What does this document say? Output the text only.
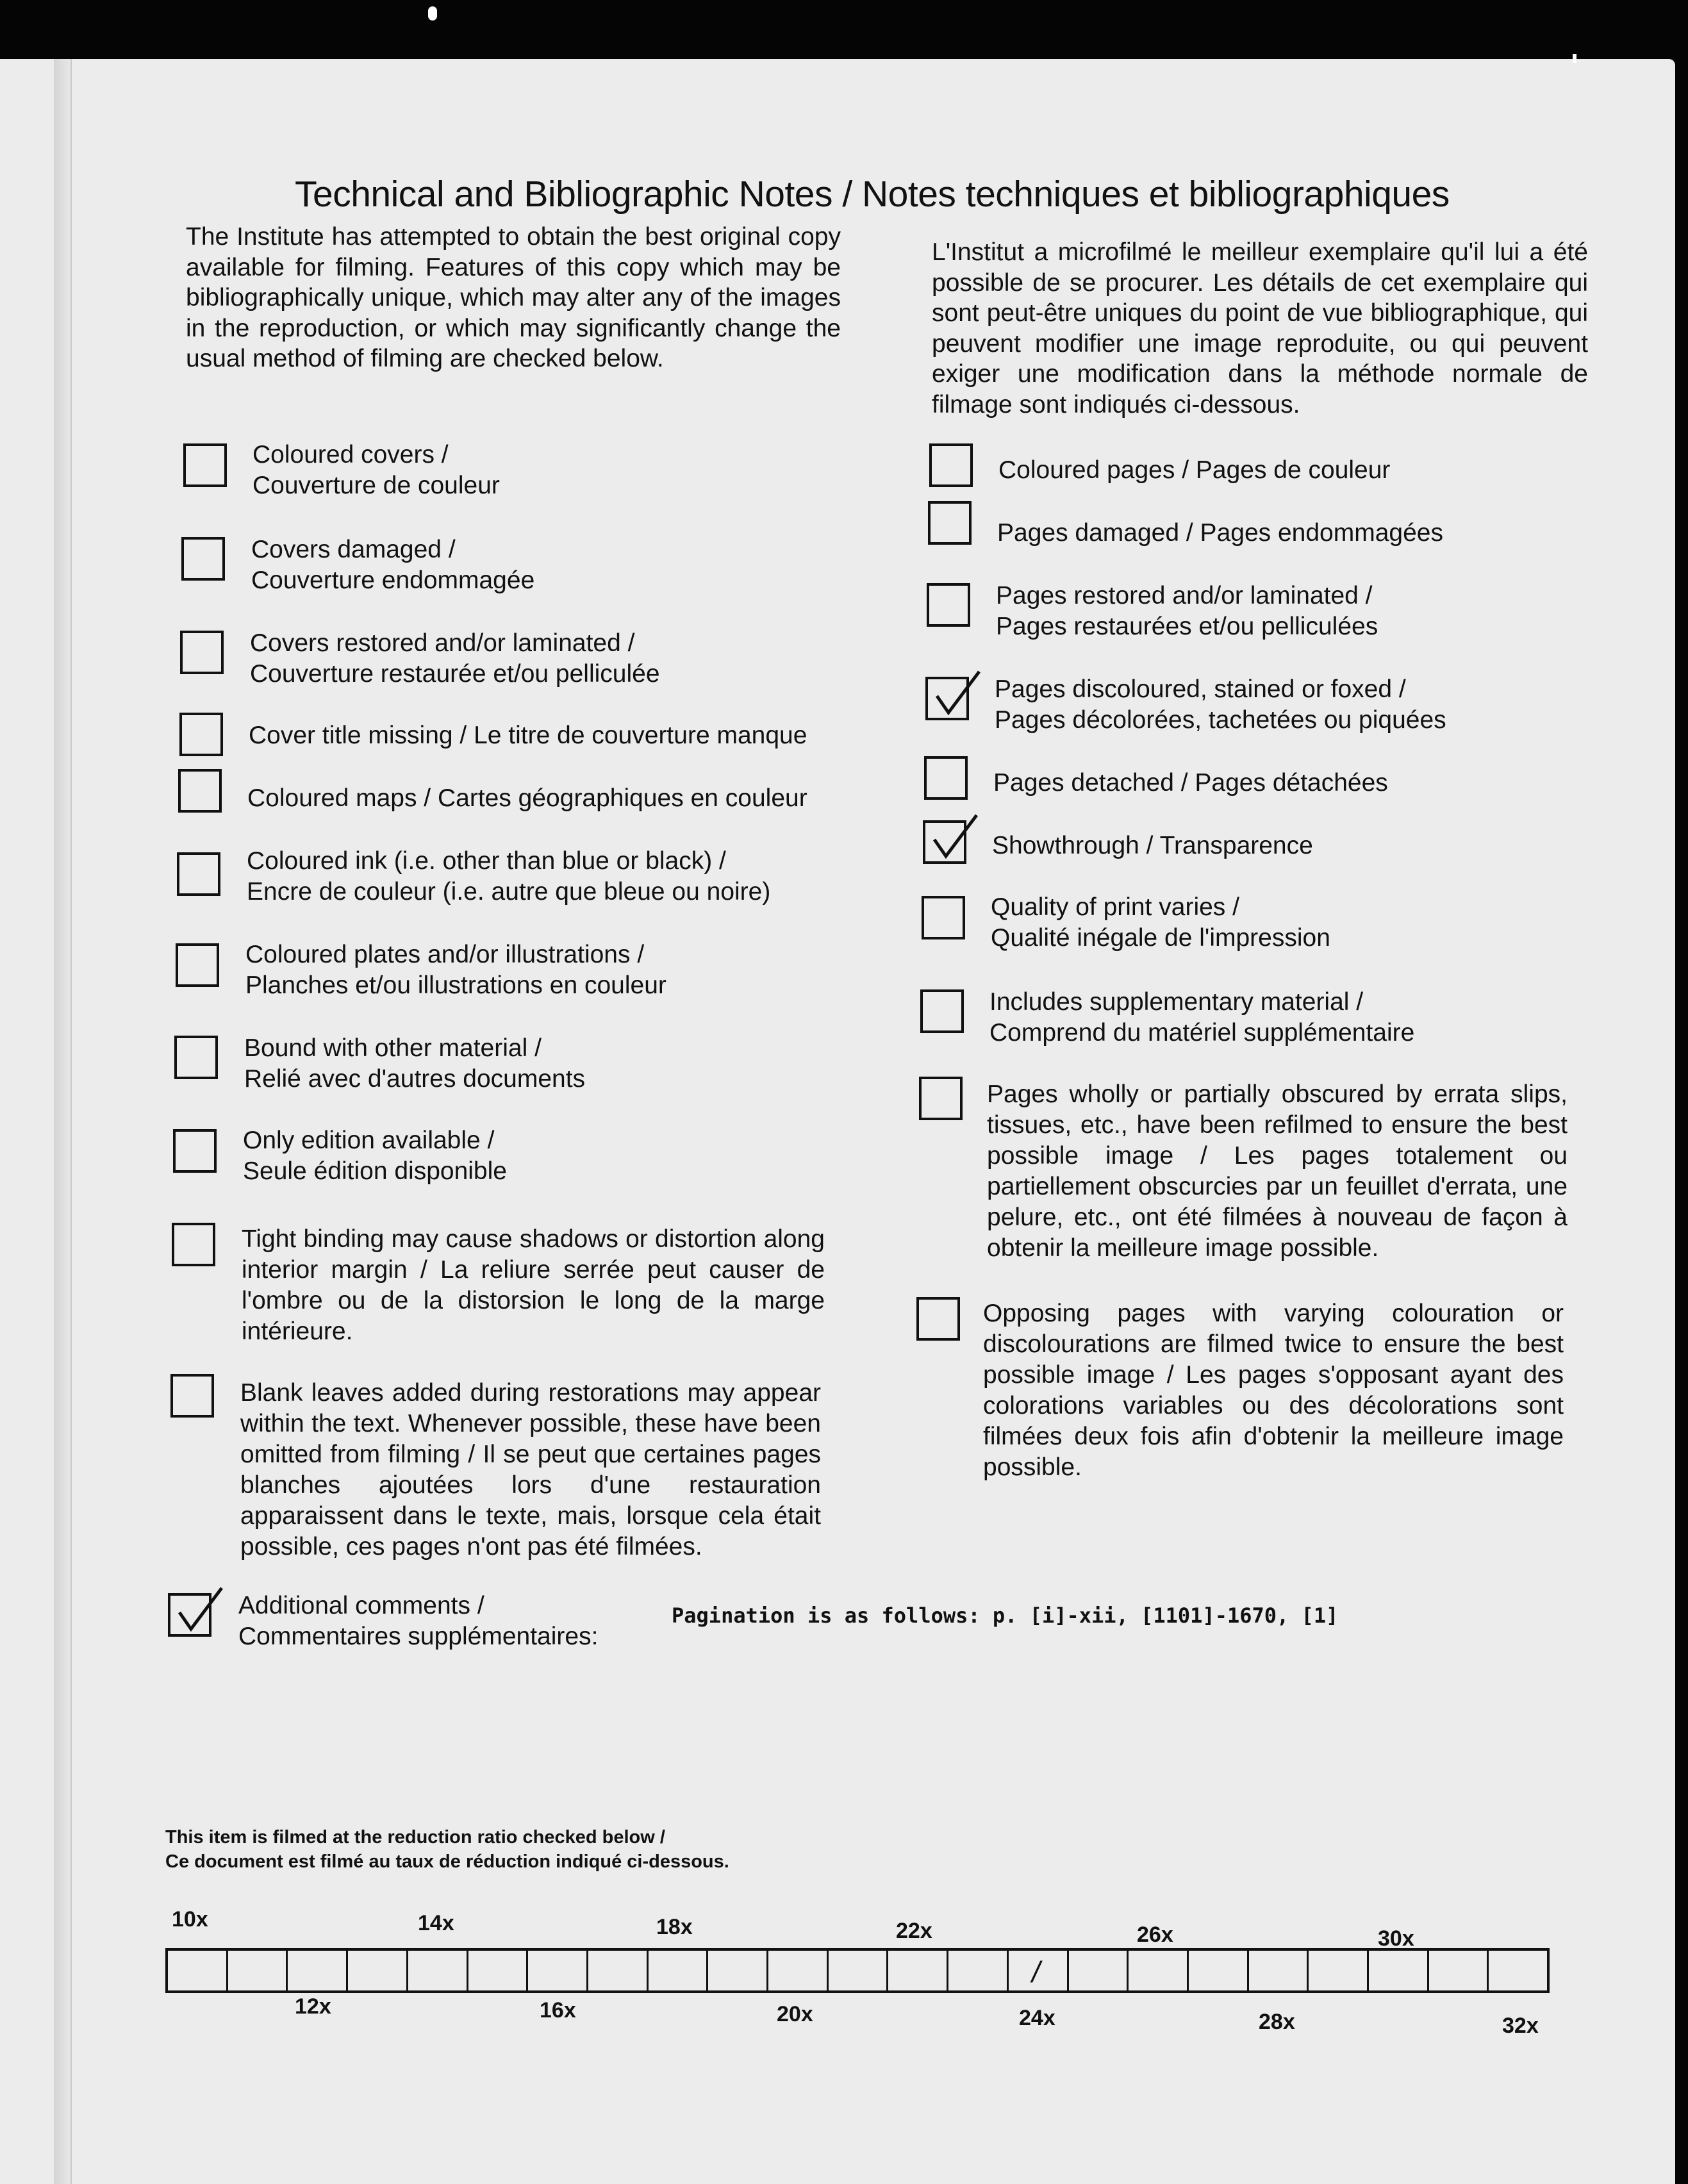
Technical and Bibliographic Notes / Notes techniques et bibliographiques

The Institute has attempted to obtain the best original copy available for filming. Features of this copy which may be bibliographically unique, which may alter any of the images in the reproduction, or which may significantly change the usual method of filming are checked below.

L'Institut a microfilmé le meilleur exemplaire qu'il lui a été possible de se procurer. Les détails de cet exemplaire qui sont peut-être uniques du point de vue bibliographique, qui peuvent modifier une image reproduite, ou qui peuvent exiger une modification dans la méthode normale de filmage sont indiqués ci-dessous.

Coloured covers /
Couverture de couleur

Covers damaged /
Couverture endommagée

Covers restored and/or laminated /
Couverture restaurée et/ou pelliculée

Cover title missing / Le titre de couverture manque

Coloured maps / Cartes géographiques en couleur

Coloured ink (i.e. other than blue or black) /
Encre de couleur (i.e. autre que bleue ou noire)

Coloured plates and/or illustrations /
Planches et/ou illustrations en couleur

Bound with other material /
Relié avec d'autres documents

Only edition available /
Seule édition disponible

Tight binding may cause shadows or distortion along interior margin / La reliure serrée peut causer de l'ombre ou de la distorsion le long de la marge intérieure.

Blank leaves added during restorations may appear within the text. Whenever possible, these have been omitted from filming / Il se peut que certaines pages blanches ajoutées lors d'une restauration apparaissent dans le texte, mais, lorsque cela était possible, ces pages n'ont pas été filmées.

Additional comments /
Commentaires supplémentaires:

Pagination is as follows: p. [i]-xii, [1101]-1670, [1]

Coloured pages / Pages de couleur

Pages damaged / Pages endommagées

Pages restored and/or laminated /
Pages restaurées et/ou pelliculées

Pages discoloured, stained or foxed /
Pages décolorées, tachetées ou piquées

Pages detached / Pages détachées

Showthrough / Transparence

Quality of print varies /
Qualité inégale de l'impression

Includes supplementary material /
Comprend du matériel supplémentaire

Pages wholly or partially obscured by errata slips, tissues, etc., have been refilmed to ensure the best possible image / Les pages totalement ou partiellement obscurcies par un feuillet d'errata, une pelure, etc., ont été filmées à nouveau de façon à obtenir la meilleure image possible.

Opposing pages with varying colouration or discolourations are filmed twice to ensure the best possible image / Les pages s'opposant ayant des colorations variables ou des décolorations sont filmées deux fois afin d'obtenir la meilleure image possible.

This item is filmed at the reduction ratio checked below /
Ce document est filmé au taux de réduction indiqué ci-dessous.

10x	14x	18x	22x	26x	30x
/
12x	16x	20x	24x	28x	32x
